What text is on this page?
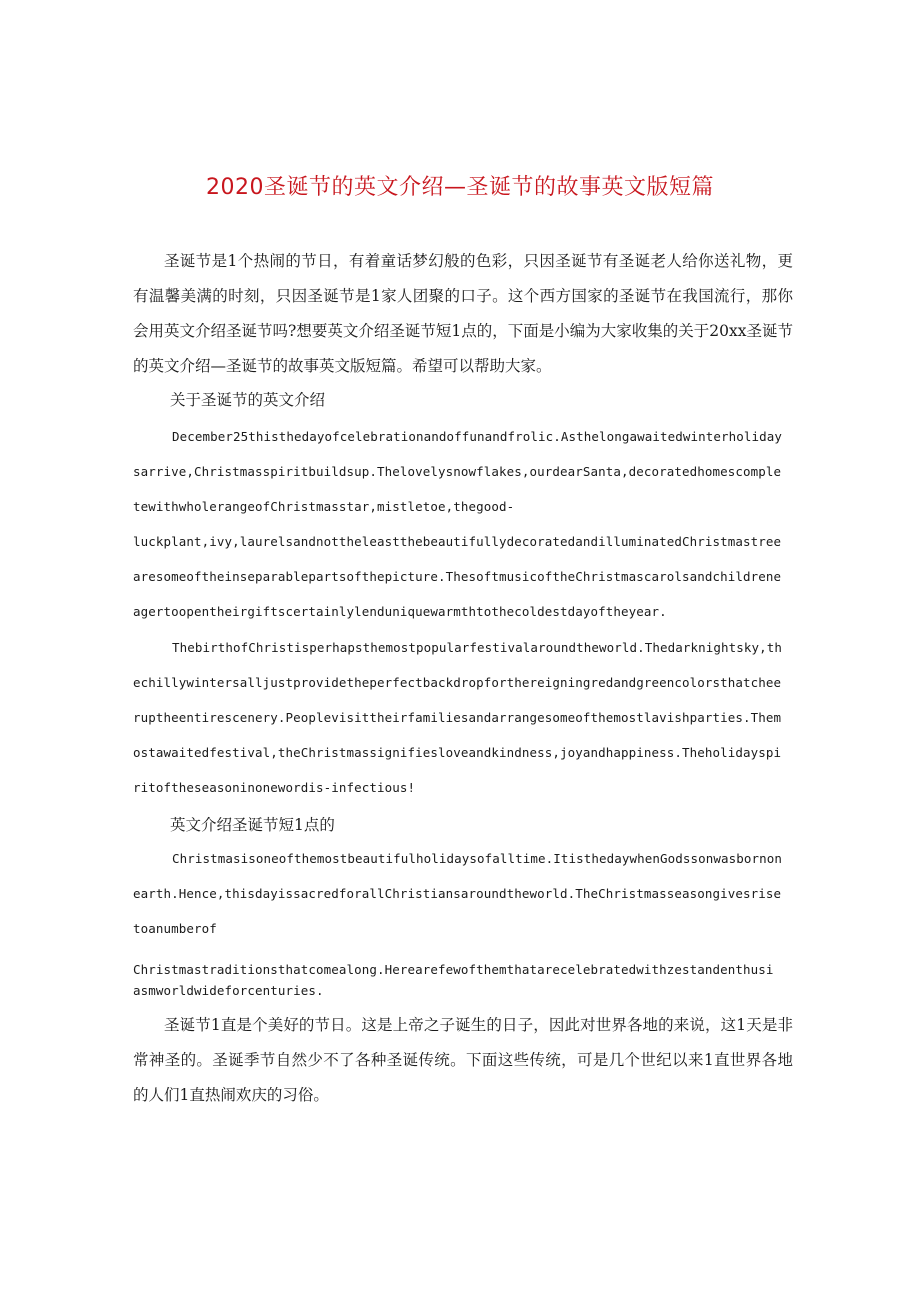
2020圣诞节的英文介绍—圣诞节的故事英文版短篇

圣诞节是1个热闹的节日，有着童话梦幻般的色彩，只因圣诞节有圣诞老人给你送礼物，更有温馨美满的时刻，只因圣诞节是1家人团聚的口子。这个西方国家的圣诞节在我国流行，那你会用英文介绍圣诞节吗?想要英文介绍圣诞节短1点的，下面是小编为大家收集的关于20xx圣诞节的英文介绍—圣诞节的故事英文版短篇。希望可以帮助大家。

关于圣诞节的英文介绍

December25thisthedayofcelebrationandoffunandfrolic.Asthelongawaitedwinterholiday

sarrive,Christmasspiritbuildsup.Thelovelysnowflakes,ourdearSanta,decoratedhomescomple

tewithwholerangeofChristmasstar,mistletoe,thegood-

luckplant,ivy,laurelsandnottheleastthebeautifullydecoratedandilluminatedChristmastree

aresomeoftheinseparablepartsofthepicture.ThesoftmusicoftheChristmascarolsandchildrene

agertoopentheirgiftscertainlylenduniquewarmthtothecoldestdayoftheyear.

ThebirthofChristisperhapsthemostpopularfestivalaroundtheworld.Thedarknightsky,th

echillywintersalljustprovidetheperfectbackdropforthereigningredandgreencolorsthatchee

ruptheentirescenery.Peoplevisittheirfamiliesandarrangesomeofthemostlavishparties.Them

ostawaitedfestival,theChristmassignifiesloveandkindness,joyandhappiness.Theholidayspi

ritoftheseasoninonewordis-infectious!

英文介绍圣诞节短1点的

Christmasisoneofthemostbeautifulholidaysofalltime.ItisthedaywhenGodssonwasbornon

earth.Hence,thisdayissacredforallChristiansaroundtheworld.TheChristmasseasongivesrise

toanumberof

Christmastraditionsthatcomealong.Herearefewofthemthatarecelebratedwithzestandenthusi

asmworldwideforcenturies.

圣诞节1直是个美好的节日。这是上帝之子诞生的日子，因此对世界各地的来说，这1天是非常神圣的。圣诞季节自然少不了各种圣诞传统。下面这些传统，可是几个世纪以来1直世界各地的人们1直热闹欢庆的习俗。
